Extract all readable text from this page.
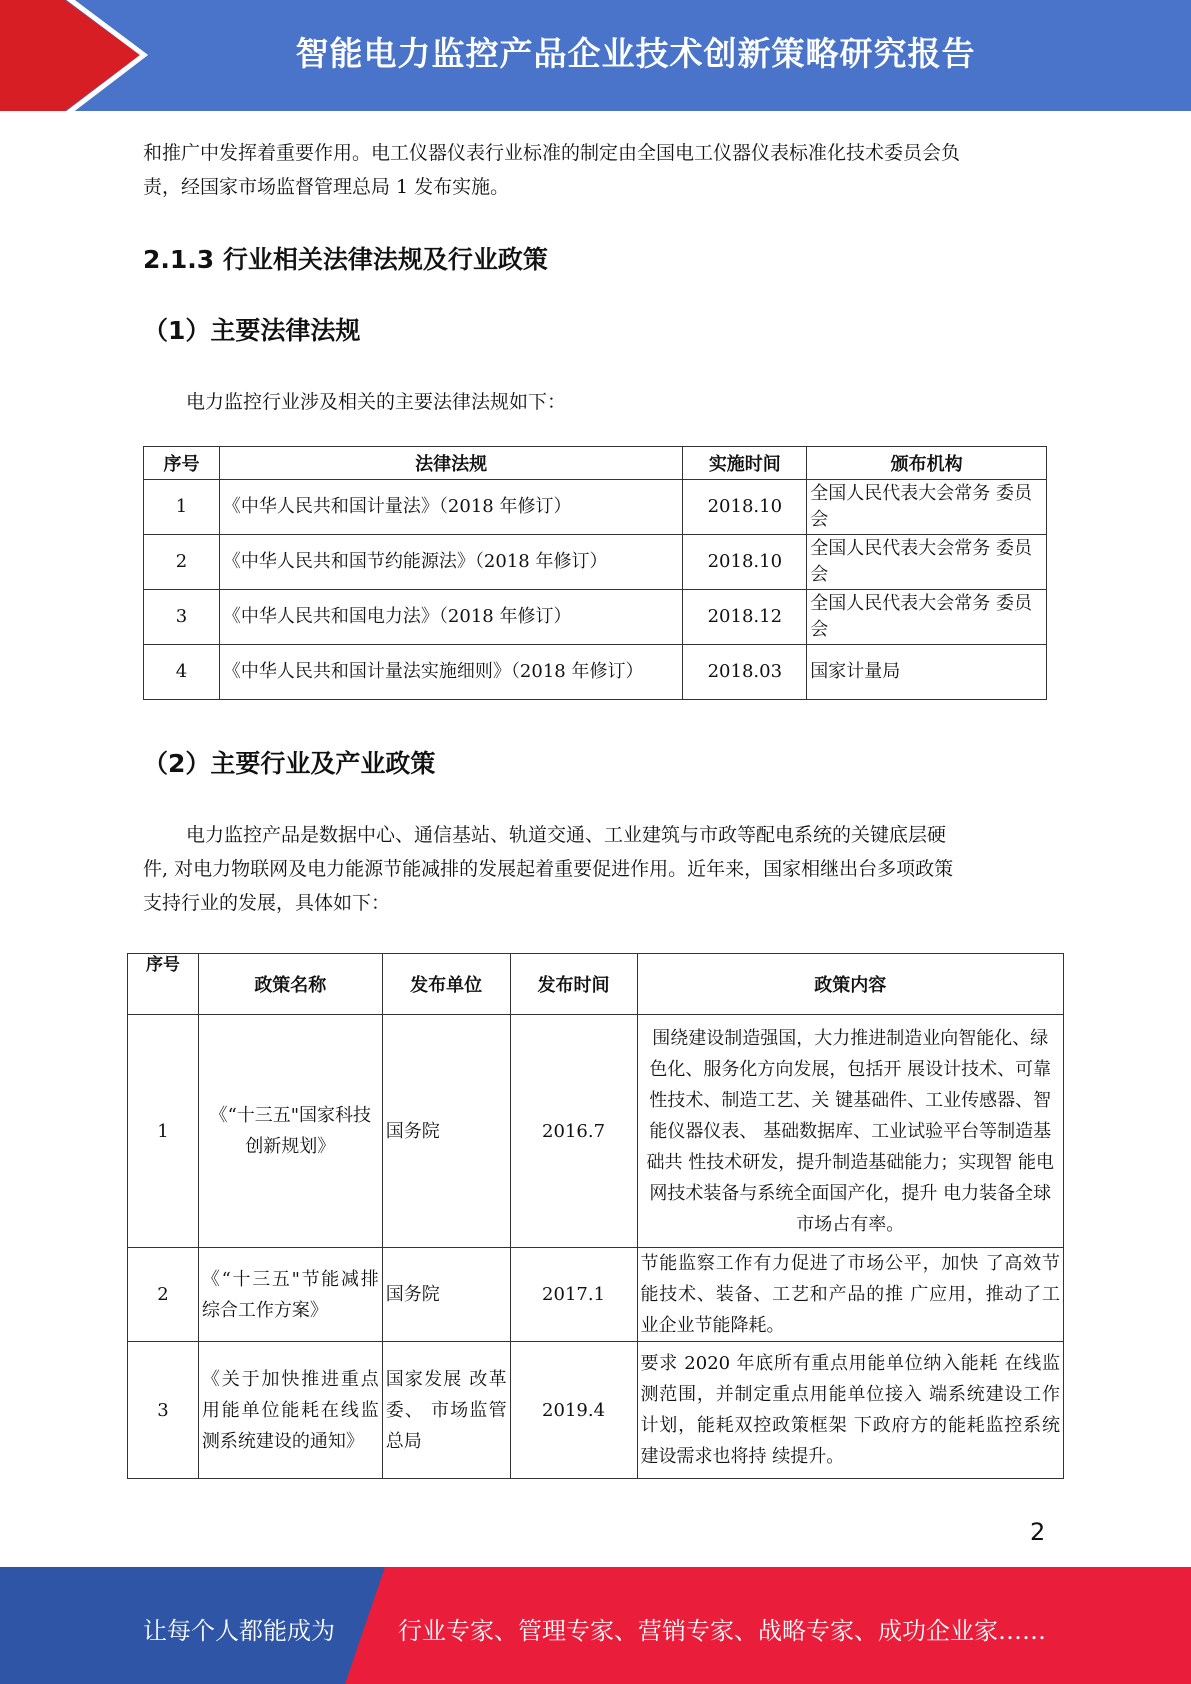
智能电力监控产品企业技术创新策略研究报告
和推广中发挥着重要作用。电工仪器仪表行业标准的制定由全国电工仪器仪表标准化技术委员会负
责，经国家市场监督管理总局 1 发布实施。
2.1.3 行业相关法律法规及行业政策
（1）主要法律法规
电力监控行业涉及相关的主要法律法规如下：
序号	法律法规	实施时间	颁布机构
1	《中华人民共和国计量法》（2018 年修订）	2018.10	全国人民代表大会常务 委员会
2	《中华人民共和国节约能源法》（2018 年修订）	2018.10	全国人民代表大会常务 委员会
3	《中华人民共和国电力法》（2018 年修订）	2018.12	全国人民代表大会常务 委员会
4	《中华人民共和国计量法实施细则》（2018 年修订）	2018.03	国家计量局
（2）主要行业及产业政策
电力监控产品是数据中心、通信基站、轨道交通、工业建筑与市政等配电系统的关键底层硬
件, 对电力物联网及电力能源节能减排的发展起着重要促进作用。近年来，国家相继出台多项政策
支持行业的发展，具体如下：
序号	政策名称	发布单位	发布时间	政策内容
1	《“十三五"国家科技创新规划》	国务院	2016.7	围绕建设制造强国，大力推进制造业向智能化、绿色化、服务化方向发展，包括开 展设计技术、可靠性技术、制造工艺、关 键基础件、工业传感器、智能仪器仪表、 基础数据库、工业试验平台等制造基础共 性技术研发，提升制造基础能力；实现智 能电网技术装备与系统全面国产化，提升 电力装备全球市场占有率。
2	《“十三五"节能减排综合工作方案》	国务院	2017.1	节能监察工作有力促进了市场公平，加快 了高效节能技术、装备、工艺和产品的推 广应用，推动了工业企业节能降耗。
3	《关于加快推进重点用能单位能耗在线监测系统建设的通知》	国家发展 改革委、 市场监管 总局	2019.4	要求 2020 年底所有重点用能单位纳入能耗 在线监测范围，并制定重点用能单位接入 端系统建设工作计划，能耗双控政策框架 下政府方的能耗监控系统建设需求也将持 续提升。
2
让每个人都能成为	行业专家、管理专家、营销专家、战略专家、成功企业家……
